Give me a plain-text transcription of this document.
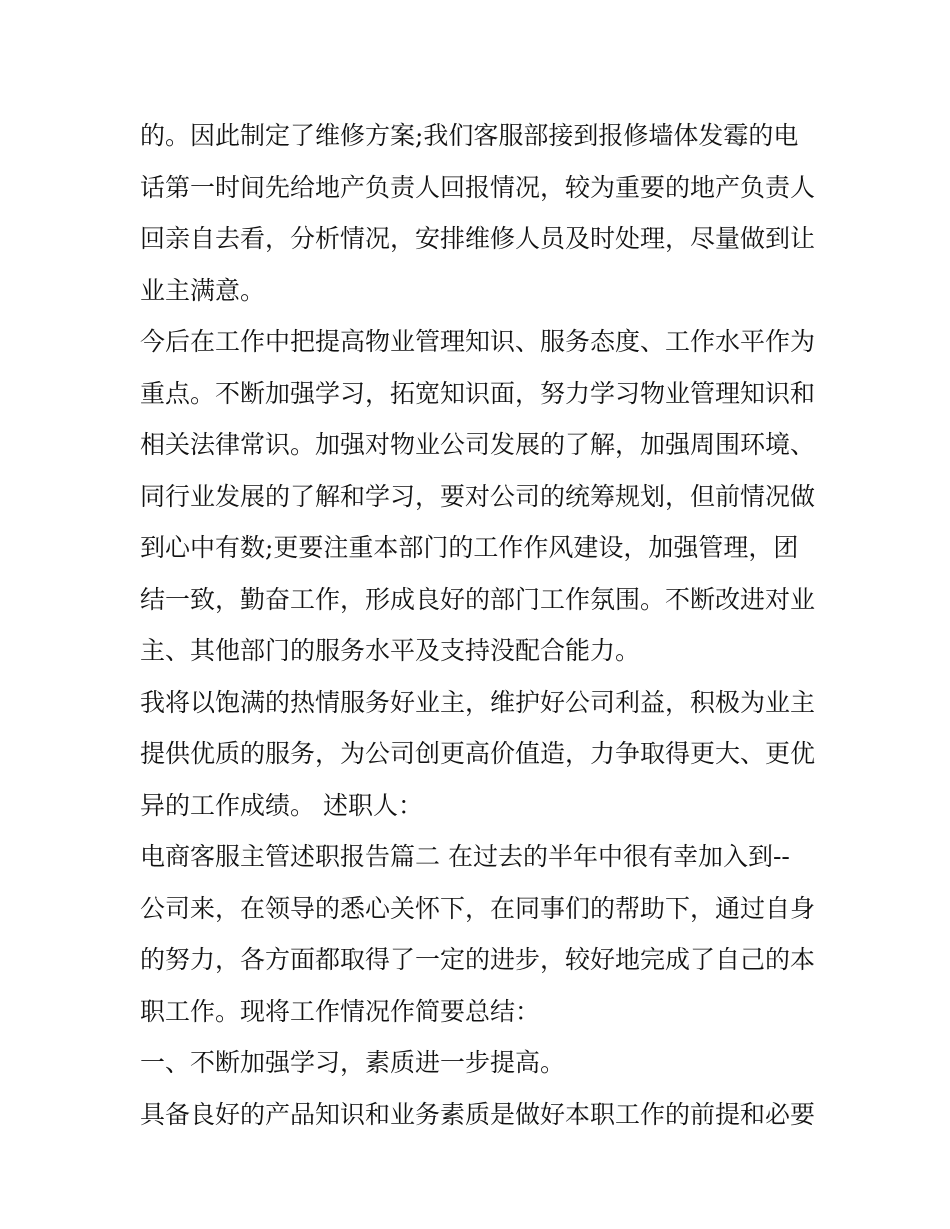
的。因此制定了维修方案;我们客服部接到报修墙体发霉的电
话第一时间先给地产负责人回报情况，较为重要的地产负责人
回亲自去看，分析情况，安排维修人员及时处理，尽量做到让
业主满意。
今后在工作中把提高物业管理知识、服务态度、工作水平作为
重点。不断加强学习，拓宽知识面，努力学习物业管理知识和
相关法律常识。加强对物业公司发展的了解，加强周围环境、
同行业发展的了解和学习，要对公司的统筹规划，但前情况做
到心中有数;更要注重本部门的工作作风建设，加强管理，团
结一致，勤奋工作，形成良好的部门工作氛围。不断改进对业
主、其他部门的服务水平及支持没配合能力。
我将以饱满的热情服务好业主，维护好公司利益，积极为业主
提供优质的服务，为公司创更高价值造，力争取得更大、更优
异的工作成绩。 述职人：
电商客服主管述职报告篇二 在过去的半年中很有幸加入到--
公司来，在领导的悉心关怀下，在同事们的帮助下，通过自身
的努力，各方面都取得了一定的进步，较好地完成了自己的本
职工作。现将工作情况作简要总结：
一、不断加强学习，素质进一步提高。
具备良好的产品知识和业务素质是做好本职工作的前提和必要
